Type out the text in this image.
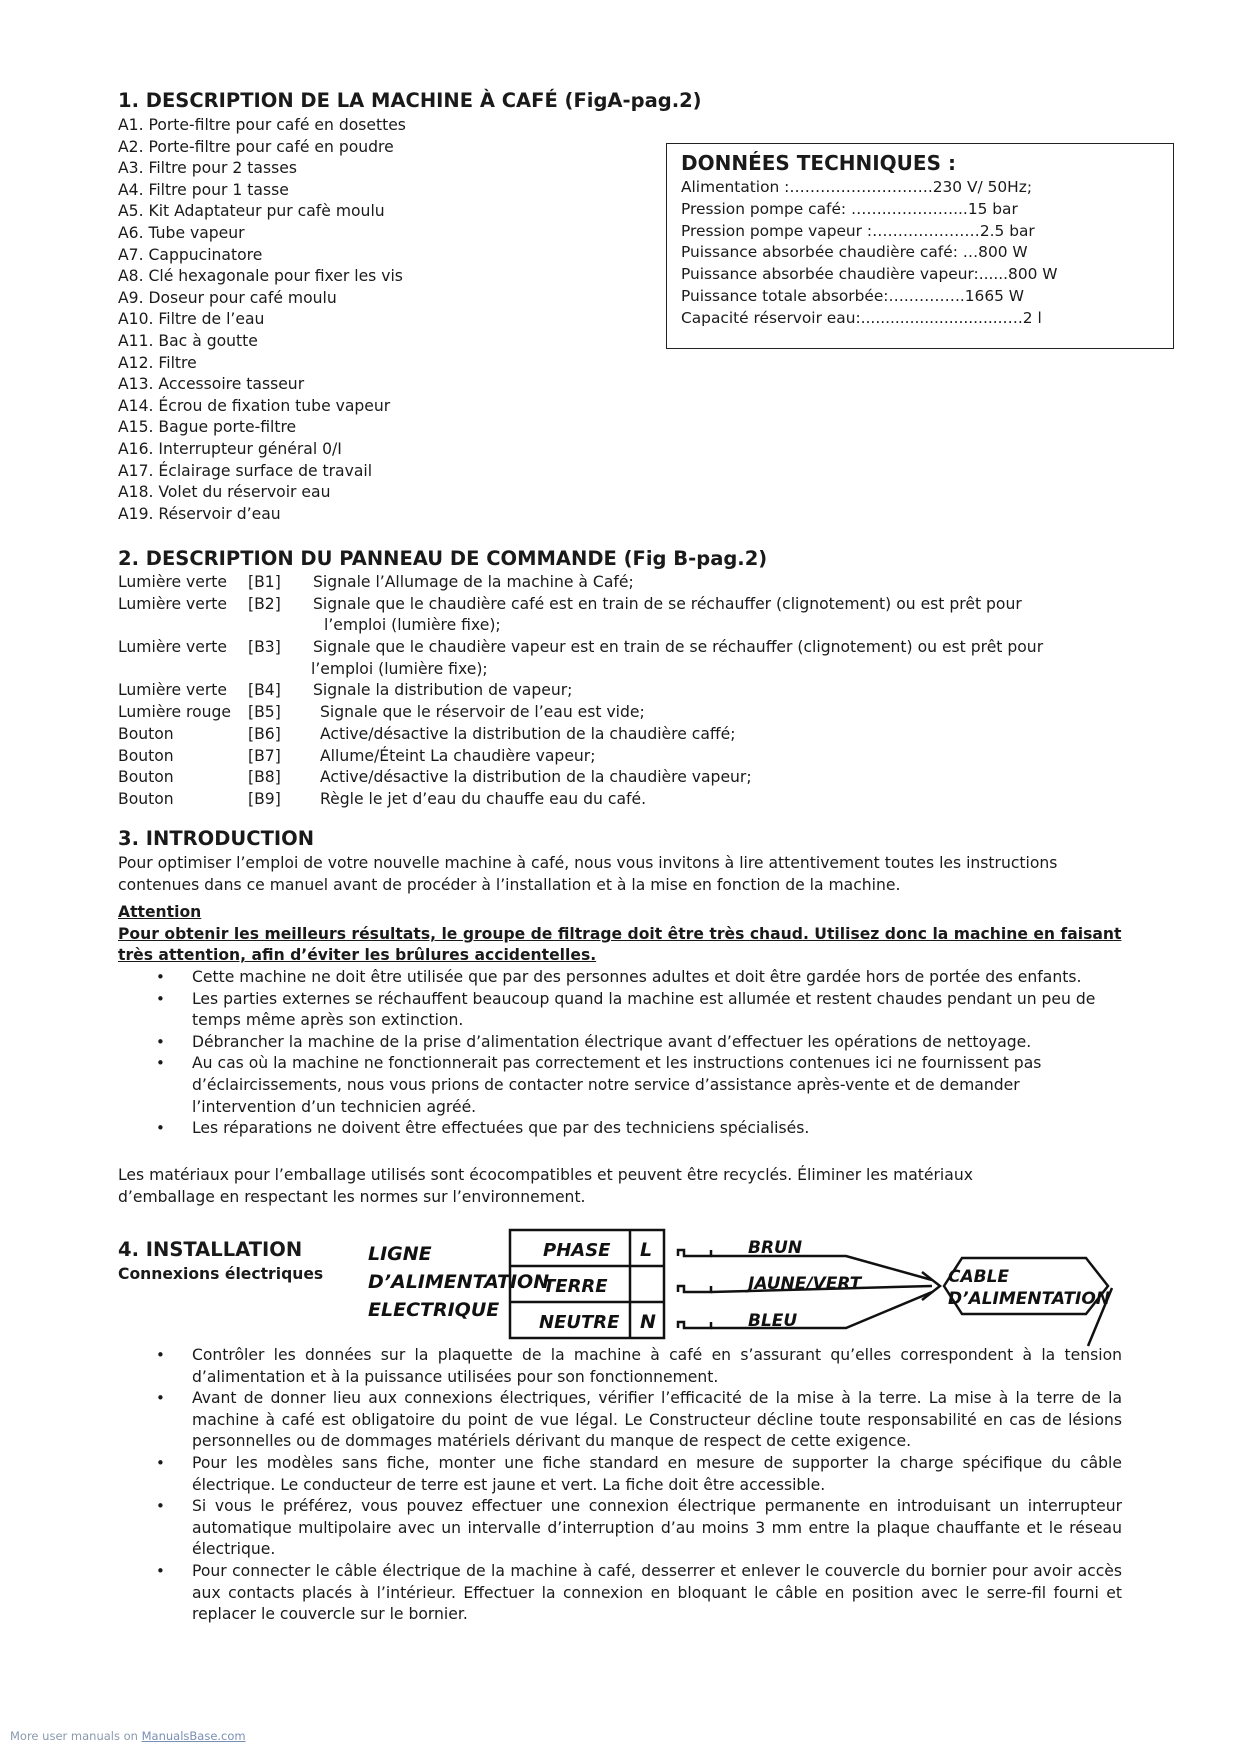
1. DESCRIPTION DE LA MACHINE À CAFÉ (FigA-pag.2)
A1. Porte-filtre pour café en dosettes
A2. Porte-filtre pour café en poudre
A3. Filtre pour 2 tasses
A4. Filtre pour 1 tasse
A5. Kit Adaptateur pur cafè moulu
A6. Tube vapeur
A7. Cappucinatore
A8. Clé hexagonale pour fixer les vis
A9. Doseur pour café moulu
A10. Filtre de l’eau
A11. Bac à goutte
A12. Filtre
A13. Accessoire tasseur
A14. Écrou de fixation tube vapeur
A15. Bague porte-filtre
A16. Interrupteur général 0/I
A17. Éclairage surface de travail
A18. Volet du réservoir eau
A19. Réservoir d’eau
DONNÉES TECHNIQUES :
Alimentation :……………………….230 V/ 50Hz;
Pression pompe café: ……..…………...15 bar
Pression pompe vapeur :…………………2.5 bar
Puissance absorbée chaudière café: …800 W
Puissance absorbée chaudière vapeur:......800 W
Puissance totale absorbée:….………..1665 W
Capacité réservoir eau:.............................….2 l
2. DESCRIPTION DU PANNEAU DE COMMANDE (Fig B-pag.2)
Lumière verte [B1] Signale l’Allumage de la machine à Café;
Lumière verte [B2] Signale que le chaudière café est en train de se réchauffer (clignotement) ou est prêt pour
l’emploi (lumière fixe);
Lumière verte [B3] Signale que le chaudière vapeur est en train de se réchauffer (clignotement) ou est prêt pour
l’emploi (lumière fixe);
Lumière verte [B4] Signale la distribution de vapeur;
Lumière rouge [B5]	Signale que le réservoir de l’eau est vide;
Bouton	[B6]	Active/désactive la distribution de la chaudière caffé;
Bouton	[B7]	Allume/Éteint La chaudière vapeur;
Bouton	[B8]	Active/désactive la distribution de la chaudière vapeur;
Bouton	[B9]	Règle le jet d’eau du chauffe eau du café.
3. INTRODUCTION

Pour optimiser l’emploi de votre nouvelle machine à café, nous vous invitons à lire attentivement toutes les instructions contenues dans ce manuel avant de procéder à l’installation et à la mise en fonction de la machine.

Attention
Pour obtenir les meilleurs résultats, le groupe de filtrage doit être très chaud. Utilisez donc la machine en faisant très attention, afin d’éviter les brûlures accidentelles.
• Cette machine ne doit être utilisée que par des personnes adultes et doit être gardée hors de portée des enfants.
• Les parties externes se réchauffent beaucoup quand la machine est allumée et restent chaudes pendant un peu de temps même après son extinction.
• Débrancher la machine de la prise d’alimentation électrique avant d’effectuer les opérations de nettoyage.
• Au cas où la machine ne fonctionnerait pas correctement et les instructions contenues ici ne fournissent pas d’éclaircissements, nous vous prions de contacter notre service d’assistance après-vente et de demander l’intervention d’un technicien agréé.
• Les réparations ne doivent être effectuées que par des techniciens spécialisés.

Les matériaux pour l’emballage utilisés sont écocompatibles et peuvent être recyclés. Éliminer les matériaux d’emballage en respectant les normes sur l’environnement.

4. INSTALLATION
Connexions électriques
LIGNE
D’ALIMENTATION
ELECTRIQUE
PHASE
TERRE
NEUTRE
L
N
BRUN
JAUNE/VERT
BLEU
CABLE
D’ALIMENTATION
• Contrôler les données sur la plaquette de la machine à café en s’assurant qu’elles correspondent à la tension d’alimentation et à la puissance utilisées pour son fonctionnement.
• Avant de donner lieu aux connexions électriques, vérifier l’efficacité de la mise à la terre. La mise à la terre de la machine à café est obligatoire du point de vue légal. Le Constructeur décline toute responsabilité en cas de lésions personnelles ou de dommages matériels dérivant du manque de respect de cette exigence.
• Pour les modèles sans fiche, monter une fiche standard en mesure de supporter la charge spécifique du câble électrique. Le conducteur de terre est jaune et vert. La fiche doit être accessible.
• Si vous le préférez, vous pouvez effectuer une connexion électrique permanente en introduisant un interrupteur automatique multipolaire avec un intervalle d’interruption d’au moins 3 mm entre la plaque chauffante et le réseau électrique.
• Pour connecter le câble électrique de la machine à café, desserrer et enlever le couvercle du bornier pour avoir accès aux contacts placés à l’intérieur. Effectuer la connexion en bloquant le câble en position avec le serre-fil fourni et replacer le couvercle sur le bornier.
More user manuals on ManualsBase.com
